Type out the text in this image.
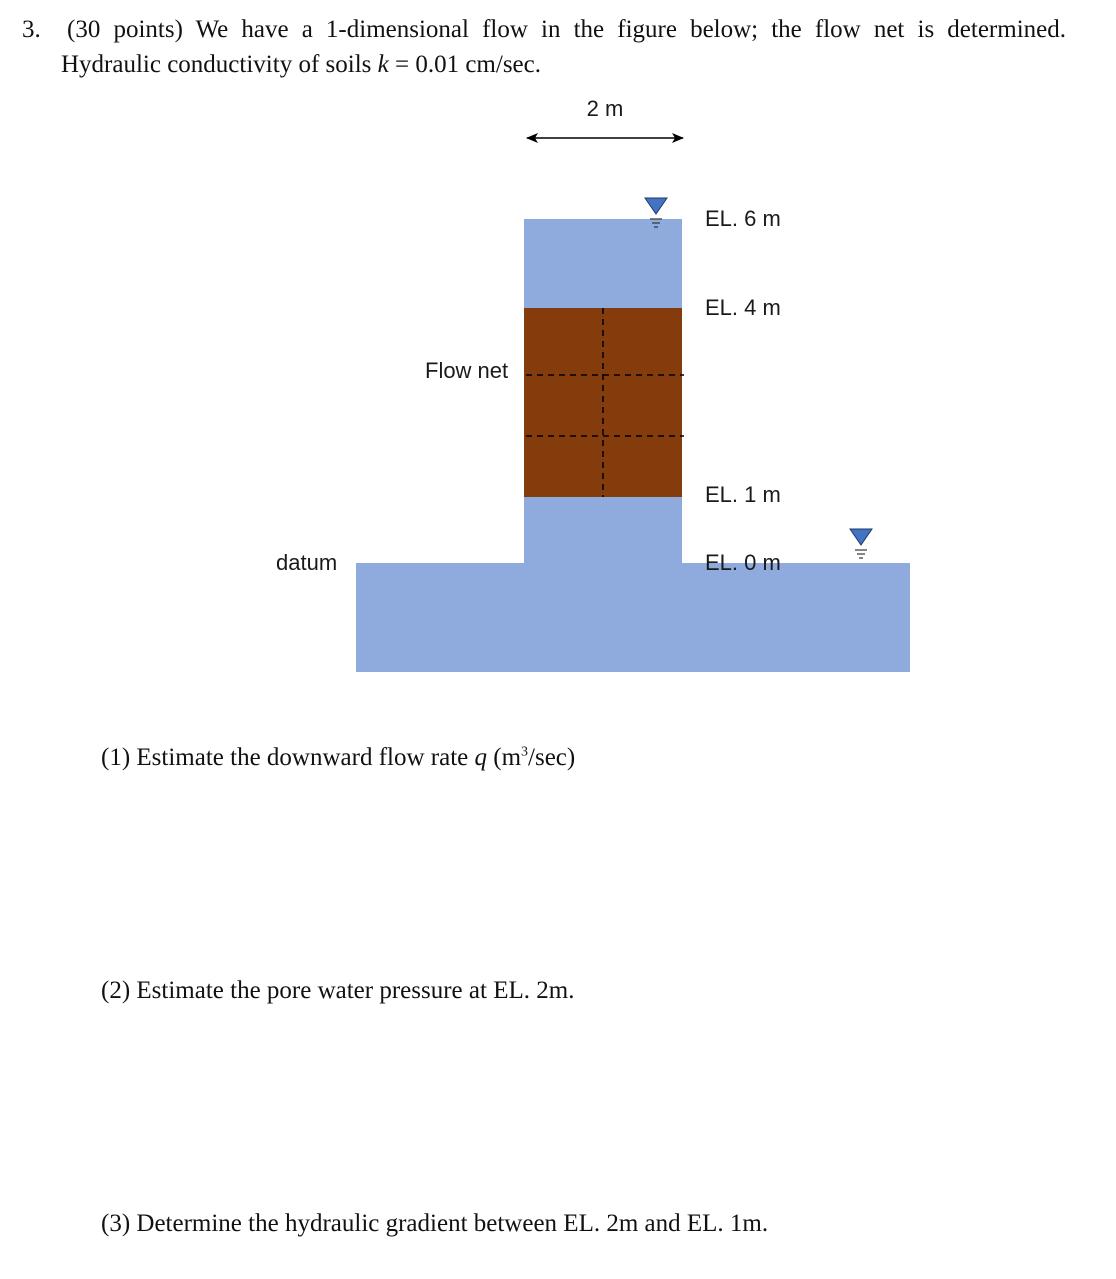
3. (30 points) We have a 1-dimensional flow in the figure below; the flow net is determined.
Hydraulic conductivity of soils k = 0.01 cm/sec.
2 m
EL. 6 m
EL. 4 m
EL. 1 m
EL. 0 m
Flow net
datum
(1) Estimate the downward flow rate q $(m^3/\sec)$
(2) Estimate the pore water pressure at EL. 2m.
(3) Determine the hydraulic gradient between EL. 2m and EL. 1m.
